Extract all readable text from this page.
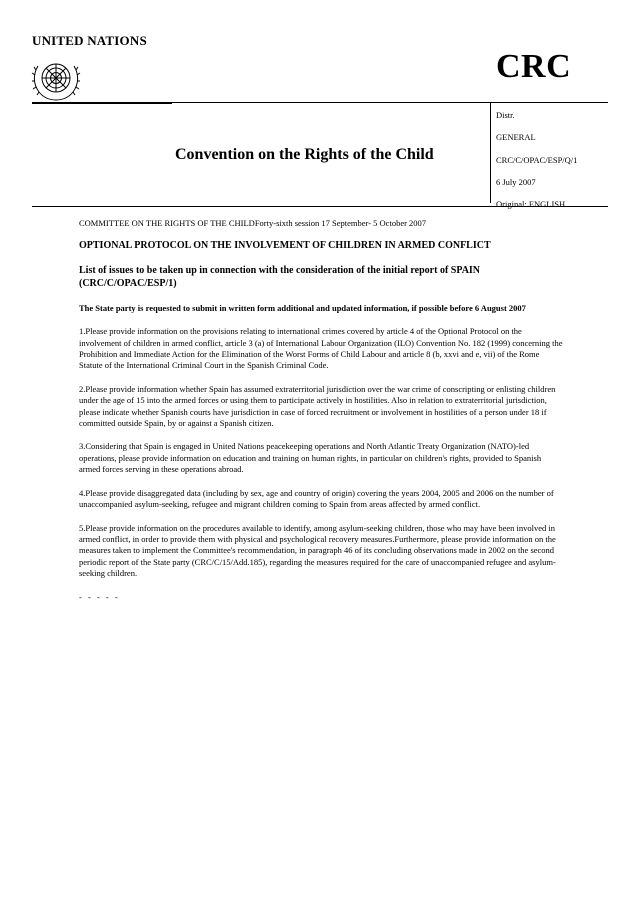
UNITED NATIONS
CRC
Convention on the Rights of the Child
Distr.
GENERAL
CRC/C/OPAC/ESP/Q/1
6 July 2007
Original: ENGLISH

COMMITTEE ON THE RIGHTS OF THE CHILDForty-sixth session 17 September- 5 October 2007

OPTIONAL PROTOCOL ON THE INVOLVEMENT OF CHILDREN IN ARMED CONFLICT

List of issues to be taken up in connection with the consideration of the initial report of SPAIN (CRC/C/OPAC/ESP/1)

The State party is requested to submit in written form additional and updated information, if possible before 6 August 2007

1.Please provide information on the provisions relating to international crimes covered by article 4 of the Optional Protocol on the involvement of children in armed conflict, article 3 (a) of International Labour Organization (ILO) Convention No. 182 (1999) concerning the Prohibition and Immediate Action for the Elimination of the Worst Forms of Child Labour and article 8 (b, xxvi and e, vii) of the Rome Statute of the International Criminal Court in the Spanish Criminal Code.

2.Please provide information whether Spain has assumed extraterritorial jurisdiction over the war crime of conscripting or enlisting children under the age of 15 into the armed forces or using them to participate actively in hostilities. Also in relation to extraterritorial jurisdiction, please indicate whether Spanish courts have jurisdiction in case of forced recruitment or involvement in hostilities of a person under 18 if committed outside Spain, by or against a Spanish citizen.

3.Considering that Spain is engaged in United Nations peacekeeping operations and North Atlantic Treaty Organization (NATO)-led operations, please provide information on education and training on human rights, in particular on children's rights, provided to Spanish armed forces serving in these operations abroad.

4.Please provide disaggregated data (including by sex, age and country of origin) covering the years 2004, 2005 and 2006 on the number of unaccompanied asylum-seeking, refugee and migrant children coming to Spain from areas affected by armed conflict.

5.Please provide information on the procedures available to identify, among asylum-seeking children, those who may have been involved in armed conflict, in order to provide them with physical and psychological recovery measures.Furthermore, please provide information on the measures taken to implement the Committee's recommendation, in paragraph 46 of its concluding observations made in 2002 on the second periodic report of the State party (CRC/C/15/Add.185), regarding the measures required for the care of unaccompanied refugee and asylum-seeking children.

- - - - -
